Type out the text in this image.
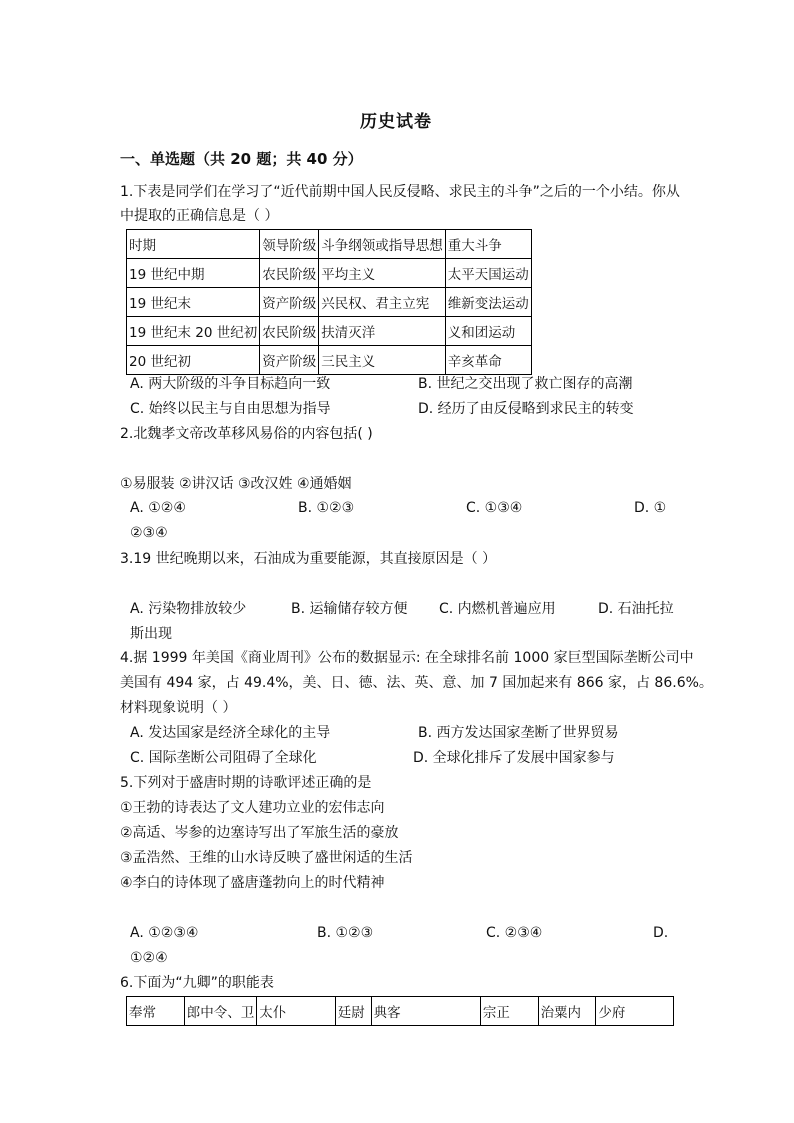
历史试卷
一、单选题（共 20 题；共 40 分）
1.下表是同学们在学习了“近代前期中国人民反侵略、求民主的斗争”之后的一个小结。你从
中提取的正确信息是（ ）
时期	领导阶级	斗争纲领或指导思想	重大斗争
19 世纪中期	农民阶级	平均主义	太平天国运动
19 世纪末	资产阶级	兴民权、君主立宪	维新变法运动
19 世纪末 20 世纪初	农民阶级	扶清灭洋	义和团运动
20 世纪初	资产阶级	三民主义	辛亥革命
A. 两大阶级的斗争目标趋向一致	B. 世纪之交出现了救亡图存的高潮
C. 始终以民主与自由思想为指导	D. 经历了由反侵略到求民主的转变
2.北魏孝文帝改革移风易俗的内容包括( )
①易服装 ②讲汉话 ③改汉姓 ④通婚姻
A. ①②④	B. ①②③	C. ①③④	D. ①
②③④
3.19 世纪晚期以来，石油成为重要能源，其直接原因是（ ）
A. 污染物排放较少	B. 运输储存较方便 C. 内燃机普遍应用	D. 石油托拉
斯出现
4.据 1999 年美国《商业周刊》公布的数据显示: 在全球排名前 1000 家巨型国际垄断公司中
美国有 494 家，占 49.4%，美、日、德、法、英、意、加 7 国加起来有 866 家，占 86.6%。
材料现象说明（ ）
A. 发达国家是经济全球化的主导	B. 西方发达国家垄断了世界贸易
C. 国际垄断公司阻碍了全球化	D. 全球化排斥了发展中国家参与
5.下列对于盛唐时期的诗歌评述正确的是
①王勃的诗表达了文人建功立业的宏伟志向
②高适、岑参的边塞诗写出了军旅生活的豪放
③孟浩然、王维的山水诗反映了盛世闲适的生活
④李白的诗体现了盛唐蓬勃向上的时代精神
A. ①②③④	B. ①②③	C. ②③④	D.
①②④
6.下面为“九卿”的职能表
奉常	郎中令、卫	太仆	廷尉	典客	宗正	治粟内	少府
